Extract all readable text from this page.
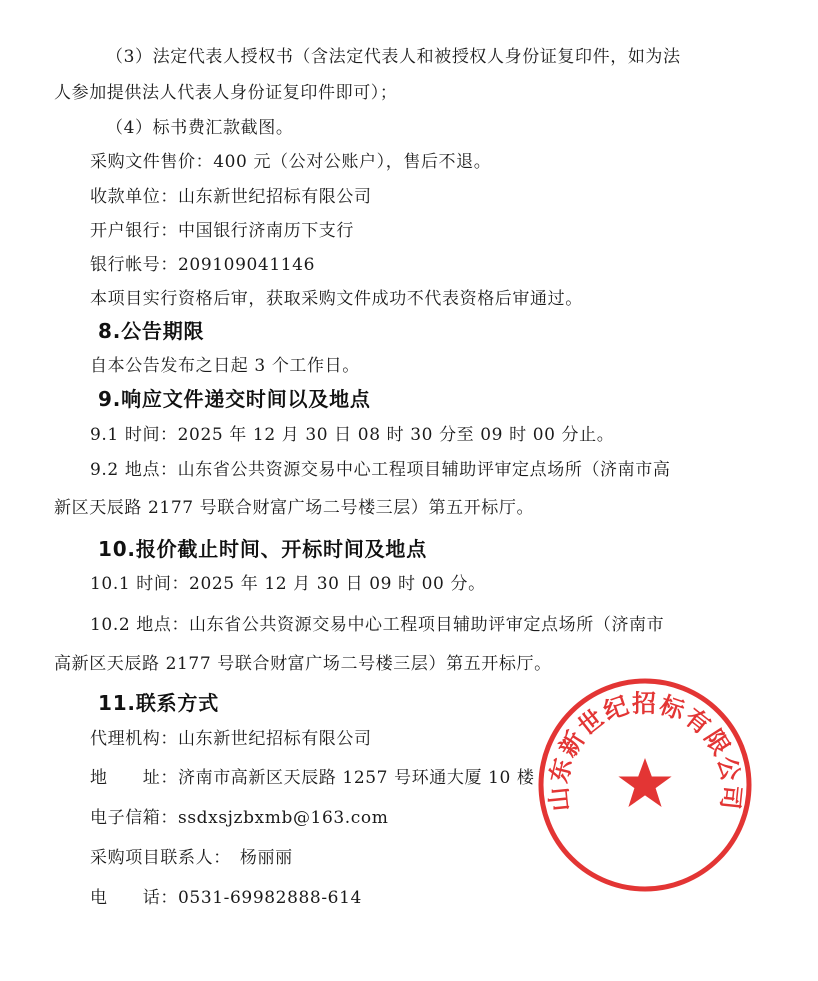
（3）法定代表人授权书（含法定代表人和被授权人身份证复印件，如为法
人参加提供法人代表人身份证复印件即可）；
（4）标书费汇款截图。
采购文件售价：400 元（公对公账户），售后不退。
收款单位：山东新世纪招标有限公司
开户银行：中国银行济南历下支行
银行帐号：209109041146
本项目实行资格后审，获取采购文件成功不代表资格后审通过。
8.公告期限
自本公告发布之日起 3 个工作日。
9.响应文件递交时间以及地点
9.1 时间：2025 年 12 月 30 日 08 时 30 分至 09 时 00 分止。
9.2 地点：山东省公共资源交易中心工程项目辅助评审定点场所（济南市高
新区天辰路 2177 号联合财富广场二号楼三层）第五开标厅。
10.报价截止时间、开标时间及地点
10.1 时间：2025 年 12 月 30 日 09 时 00 分。
10.2 地点：山东省公共资源交易中心工程项目辅助评审定点场所（济南市
高新区天辰路 2177 号联合财富广场二号楼三层）第五开标厅。
11.联系方式
代理机构：山东新世纪招标有限公司
地　　址：济南市高新区天辰路 1257 号环通大厦 10 楼
电子信箱：ssdxsjzbxmb@163.com
采购项目联系人：　杨丽丽
电　　话：0531-69982888-614
山东新世纪招标有限公司
